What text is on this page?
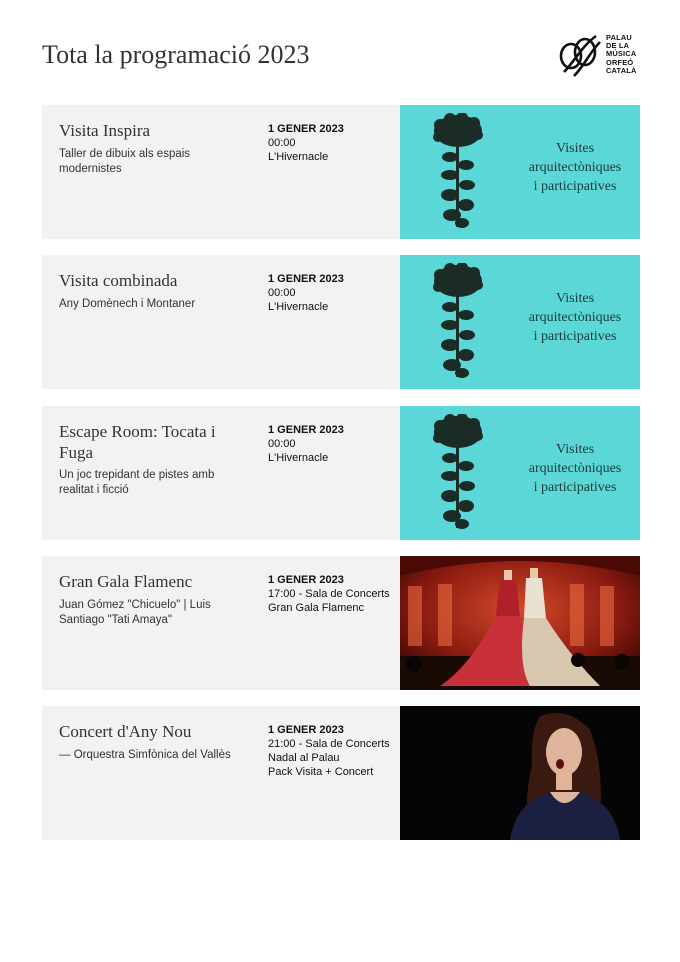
Tota la programació 2023
PALAU
DE LA
MÚSICA
ORFEÓ
CATALÀ
Visita Inspira
Taller de dibuix als espais modernistes
1 GENER 2023
00:00
L'Hivernacle
Visites
arquitectòniques
i participatives
Visita combinada
Any Domènech i Montaner
1 GENER 2023
00:00
L'Hivernacle
Visites
arquitectòniques
i participatives
Escape Room: Tocata i Fuga
Un joc trepidant de pistes amb realitat i ficció
1 GENER 2023
00:00
L'Hivernacle
Visites
arquitectòniques
i participatives
Gran Gala Flamenc
Juan Gómez "Chicuelo" | Luis Santiago "Tati Amaya"
1 GENER 2023
17:00 - Sala de Concerts
Gran Gala Flamenc
Concert d'Any Nou
— Orquestra Simfònica del Vallès
1 GENER 2023
21:00 - Sala de Concerts
Nadal al Palau
Pack Visita + Concert
